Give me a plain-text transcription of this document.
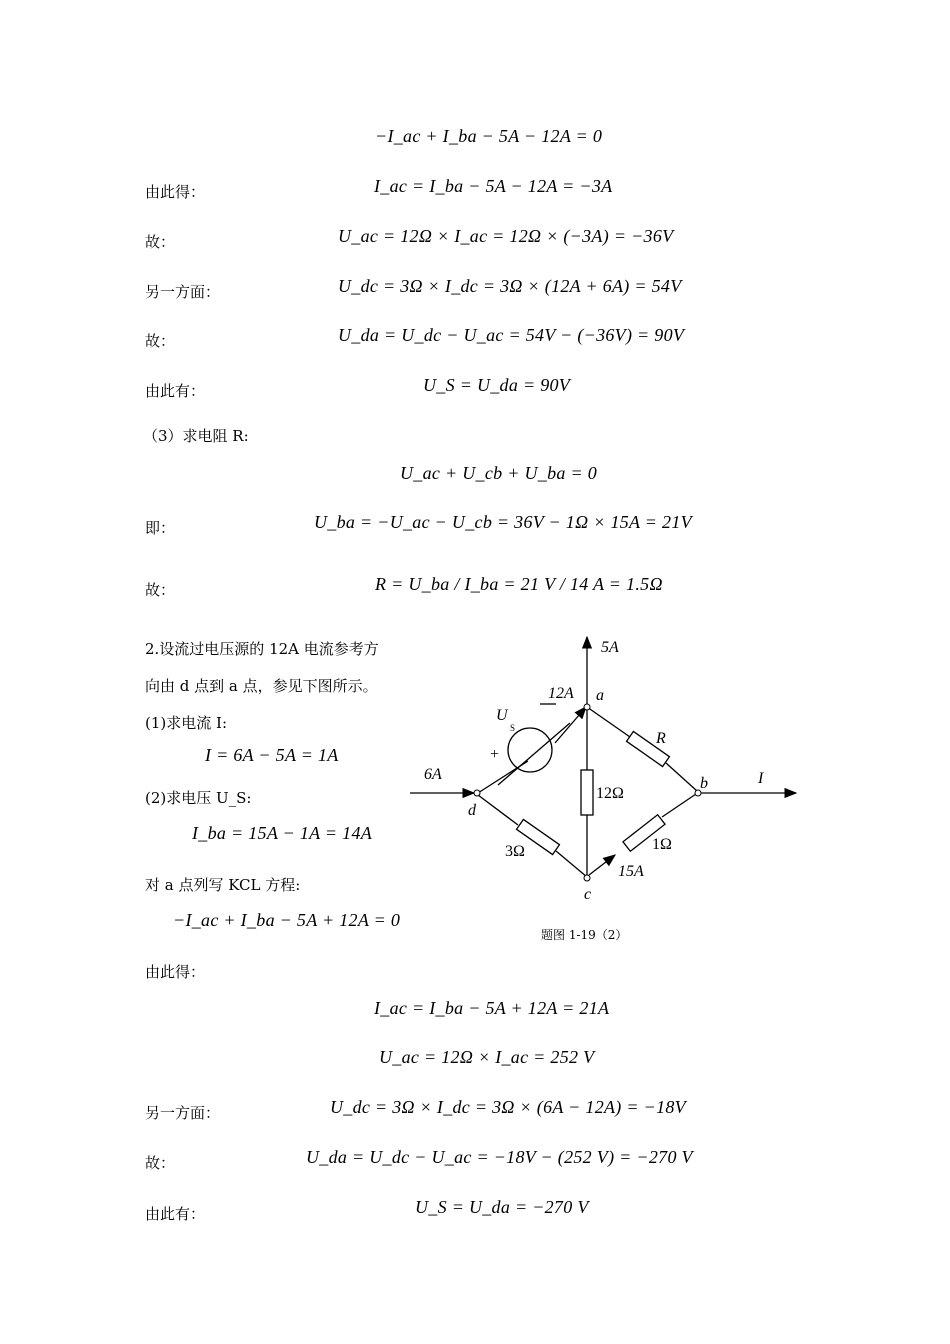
−I_ac + I_ba − 5A − 12A = 0
由此得：	I_ac = I_ba − 5A − 12A = −3A
故：	U_ac = 12Ω × I_ac = 12Ω × (−3A) = −36V
另一方面：	U_dc = 3Ω × I_dc = 3Ω × (12A + 6A) = 54V
故：	U_da = U_dc − U_ac = 54V − (−36V) = 90V
由此有：	U_S = U_da = 90V
（3）求电阻 R:
U_ac + U_cb + U_ba = 0
即：	U_ba = −U_ac − U_cb = 36V − 1Ω × 15A = 21V
故：	R = U_ba / I_ba = 21 V / 14 A = 1.5Ω
2.设流过电压源的 12A 电流参考方
向由 d 点到 a 点，参见下图所示。
(1)求电流 I:
I = 6A − 5A = 1A
(2)求电压 U_S:
I_ba = 15A − 1A = 14A
对 a 点列写 KCL 方程:
−I_ac + I_ba − 5A + 12A = 0
由此得：
I_ac = I_ba − 5A + 12A = 21A
U_ac = 12Ω × I_ac = 252 V
另一方面：	U_dc = 3Ω × I_dc = 3Ω × (6A − 12A) = −18V
故：	U_da = U_dc − U_ac = −18V − (252 V) = −270 V
由此有：	U_S = U_da = −270 V
5A
12A a
U
S
+
R
6A
12Ω
b	I
d
1Ω
3Ω
15A
c
题图 1-19（2）
